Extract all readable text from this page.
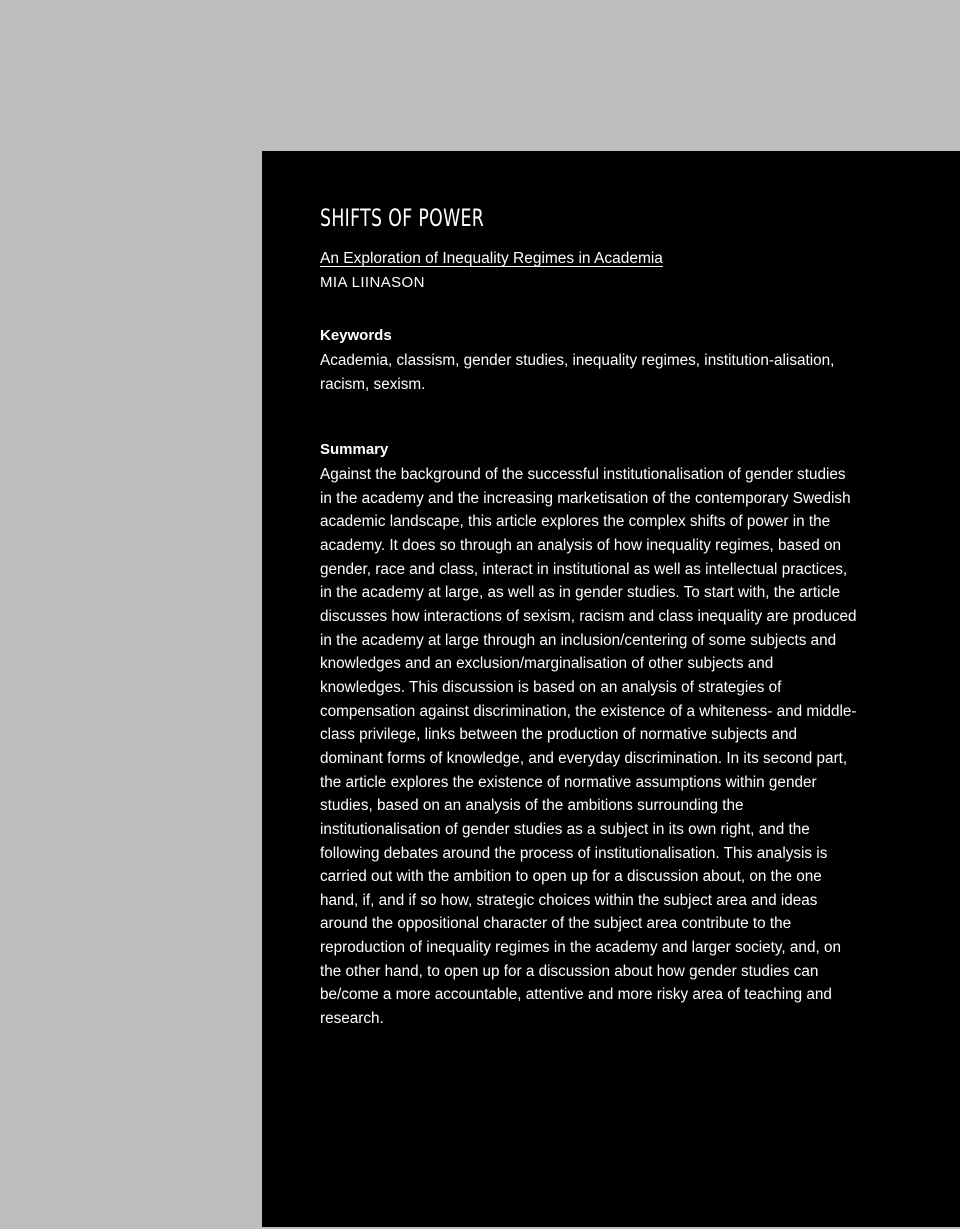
SHIFTS OF POWER
An Exploration of Inequality Regimes in Academia
MIA LIINASON
Keywords
Academia, classism, gender studies, inequality regimes, institution-alisation, racism, sexism.
Summary
Against the background of the successful institutionalisation of gender studies in the academy and the increasing marketisation of the contemporary Swedish academic landscape, this article explores the complex shifts of power in the academy. It does so through an analysis of how inequality regimes, based on gender, race and class, interact in institutional as well as intellectual practices, in the academy at large, as well as in gender studies. To start with, the article discusses how interactions of sexism, racism and class inequality are produced in the academy at large through an inclusion/centering of some subjects and knowledges and an exclusion/marginalisation of other subjects and knowledges. This discussion is based on an analysis of strategies of compensation against discrimination, the existence of a whiteness- and middle-class privilege, links between the production of normative subjects and dominant forms of knowledge, and everyday discrimination. In its second part, the article explores the existence of normative assumptions within gender studies, based on an analysis of the ambitions surrounding the institutionalisation of gender studies as a subject in its own right, and the following debates around the process of institutionalisation. This analysis is carried out with the ambition to open up for a discussion about, on the one hand, if, and if so how, strategic choices within the subject area and ideas around the oppositional character of the subject area contribute to the reproduction of inequality regimes in the academy and larger society, and, on the other hand, to open up for a discussion about how gender studies can be/come a more accountable, attentive and more risky area of teaching and research.
